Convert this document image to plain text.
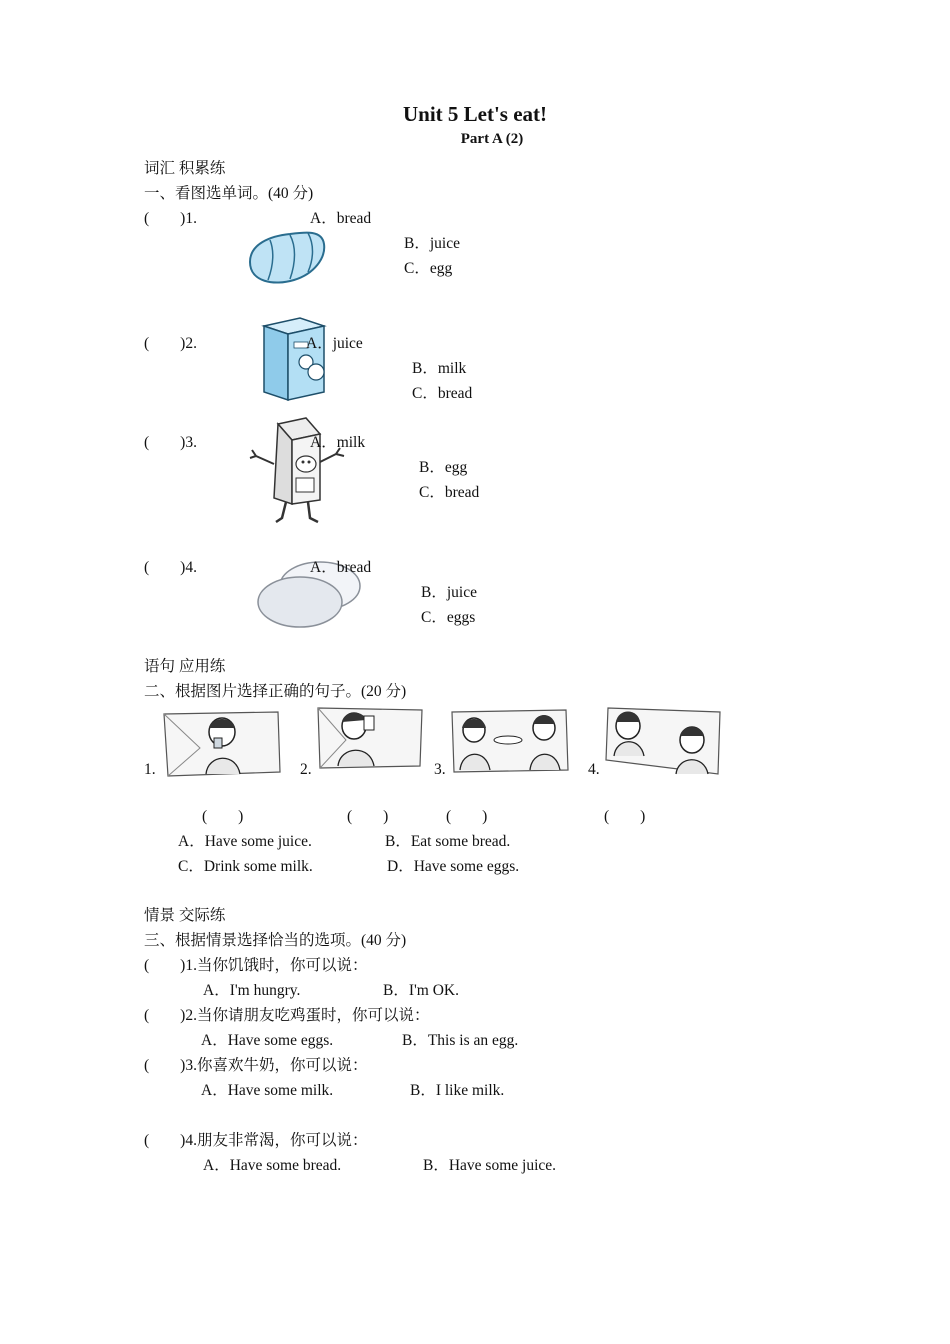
Unit 5 Let's eat!
Part A (2)
词汇 积累练
一、看图选单词。(40 分)
(　　)1.	A．bread
B．juice
C．egg
(　　)2.	A．juice
B．milk
C．bread
(　　)3.	A．milk
B．egg
C．bread
(　　)4.	A．bread
B．juice
C．eggs
语句 应用练
二、根据图片选择正确的句子。(20 分)
1.	2.	3.	4.
(　　)	(　　)	(　　)	(　　)
A．Have some juice.	B．Eat some bread.
C．Drink some milk.	D．Have some eggs.
情景 交际练
三、根据情景选择恰当的选项。(40 分)
(　　)1.当你饥饿时，你可以说：
A．I'm hungry.	B．I'm OK.
(　　)2.当你请朋友吃鸡蛋时，你可以说：
A．Have some eggs.	B．This is an egg.
(　　)3.你喜欢牛奶，你可以说：
A．Have some milk.	B．I like milk.
(　　)4.朋友非常渴，你可以说：
A．Have some bread.	B．Have some juice.
